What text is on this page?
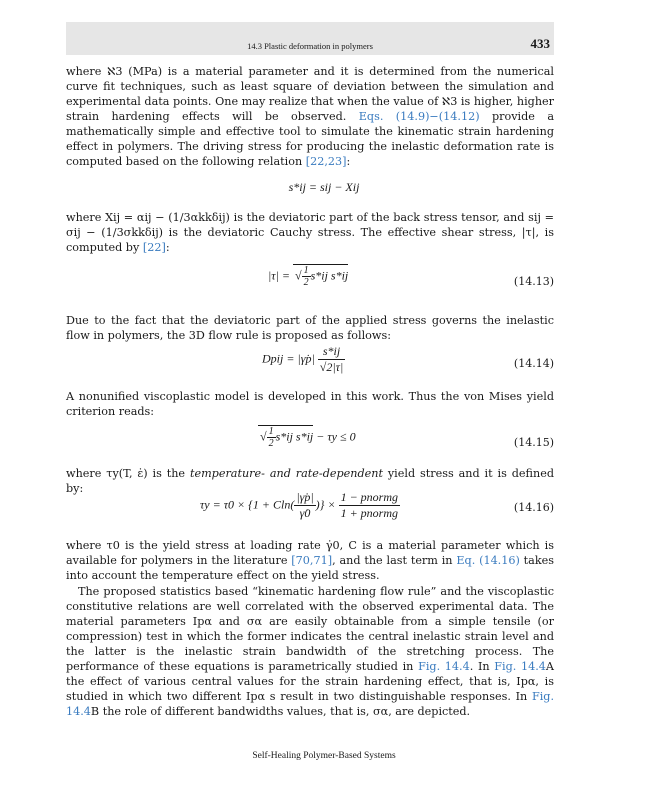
14.3 Plastic deformation in polymers	433
where ℵ3 (MPa) is a material parameter and it is determined from the numerical curve fit techniques, such as least square of deviation between the simulation and experimental data points. One may realize that when the value of ℵ3 is higher, higher strain hardening effects will be observed. Eqs. (14.9)−(14.12) provide a mathematically simple and effective tool to simulate the kinematic strain hardening effect in polymers. The driving stress for producing the inelastic deformation rate is computed based on the following relation [22,23]:
s*ij = sij − Xij
where Xij = αij − (1/3αkkδij) is the deviatoric part of the back stress tensor, and sij = σij − (1/3σkkδij) is the deviatoric Cauchy stress. The effective shear stress, |τ|, is computed by [22]:
|τ| = √ $\frac{1}{2} s*ij$ s*ij	(14.13)
Due to the fact that the deviatoric part of the applied stress governs the inelastic flow in polymers, the 3D flow rule is proposed as follows:
Dpij = |γ̇p| $\frac{s*ij}{√2|\tau|}$	(14.14)
A nonunified viscoplastic model is developed in this work. Thus the von Mises yield criterion reads:
√ $\frac{1}{2} s*ij$ s*ij − τy ≤ 0	(14.15)
where τy(T, ε̇) is the temperature- and rate-dependent yield stress and it is defined by:
$\tau y = \tau 0 \times \{1 + Cln( \frac{|\gammȧp|}{\gammȧ0}$ )} × $\frac{\text{1 − pnormg}}{\text{1 + pnormg}}$	(14.16)
where τ0 is the yield stress at loading rate γ̇0, C is a material parameter which is available for polymers in the literature [70,71], and the last term in Eq. (14.16) takes into account the temperature effect on the yield stress.
The proposed statistics based “kinematic hardening flow rule” and the viscoplastic constitutive relations are well correlated with the observed experimental data. The material parameters Ipα and σα are easily obtainable from a simple tensile (or compression) test in which the former indicates the central inelastic strain level and the latter is the inelastic strain bandwidth of the stretching process. The performance of these equations is parametrically studied in Fig. 14.4. In Fig. 14.4A the effect of various central values for the strain hardening effect, that is, Ipα, is studied in which two different Ipα s result in two distinguishable responses. In Fig. 14.4B the role of different bandwidths values, that is, σα, are depicted.
Self-Healing Polymer-Based Systems
